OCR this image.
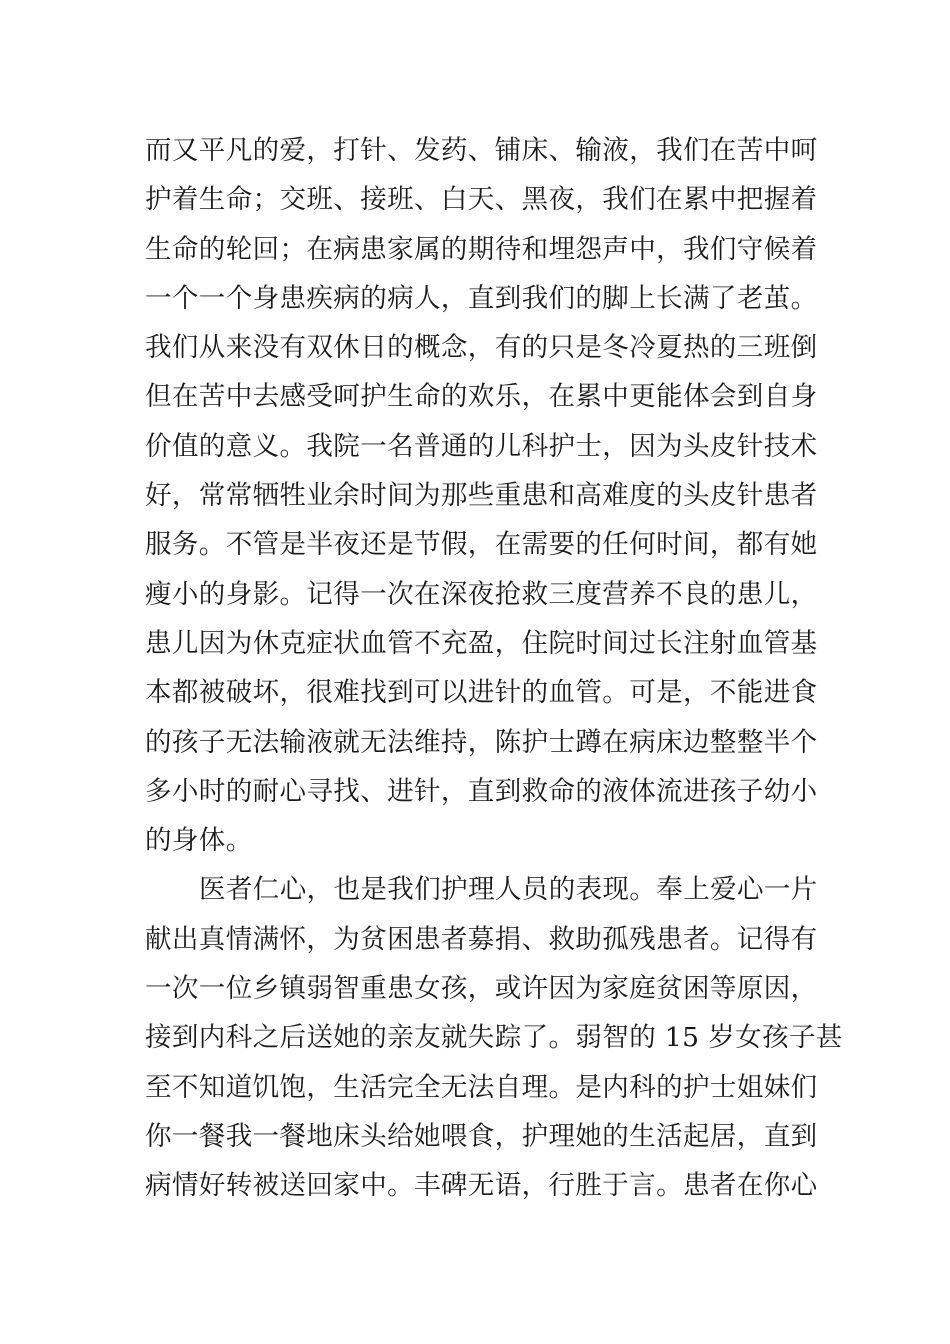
而又平凡的爱，打针、发药、铺床、输液，我们在苦中呵
护着生命；交班、接班、白天、黑夜，我们在累中把握着
生命的轮回；在病患家属的期待和埋怨声中，我们守候着
一个一个身患疾病的病人，直到我们的脚上长满了老茧。
我们从来没有双休日的概念，有的只是冬冷夏热的三班倒
但在苦中去感受呵护生命的欢乐，在累中更能体会到自身
价值的意义。我院一名普通的儿科护士，因为头皮针技术
好，常常牺牲业余时间为那些重患和高难度的头皮针患者
服务。不管是半夜还是节假，在需要的任何时间，都有她
瘦小的身影。记得一次在深夜抢救三度营养不良的患儿，
患儿因为休克症状血管不充盈，住院时间过长注射血管基
本都被破坏，很难找到可以进针的血管。可是，不能进食
的孩子无法输液就无法维持，陈护士蹲在病床边整整半个
多小时的耐心寻找、进针，直到救命的液体流进孩子幼小
的身体。
医者仁心，也是我们护理人员的表现。奉上爱心一片
献出真情满怀，为贫困患者募捐、救助孤残患者。记得有
一次一位乡镇弱智重患女孩，或许因为家庭贫困等原因，
接到内科之后送她的亲友就失踪了。弱智的 15 岁女孩子甚
至不知道饥饱，生活完全无法自理。是内科的护士姐妹们
你一餐我一餐地床头给她喂食，护理她的生活起居，直到
病情好转被送回家中。丰碑无语，行胜于言。患者在你心
